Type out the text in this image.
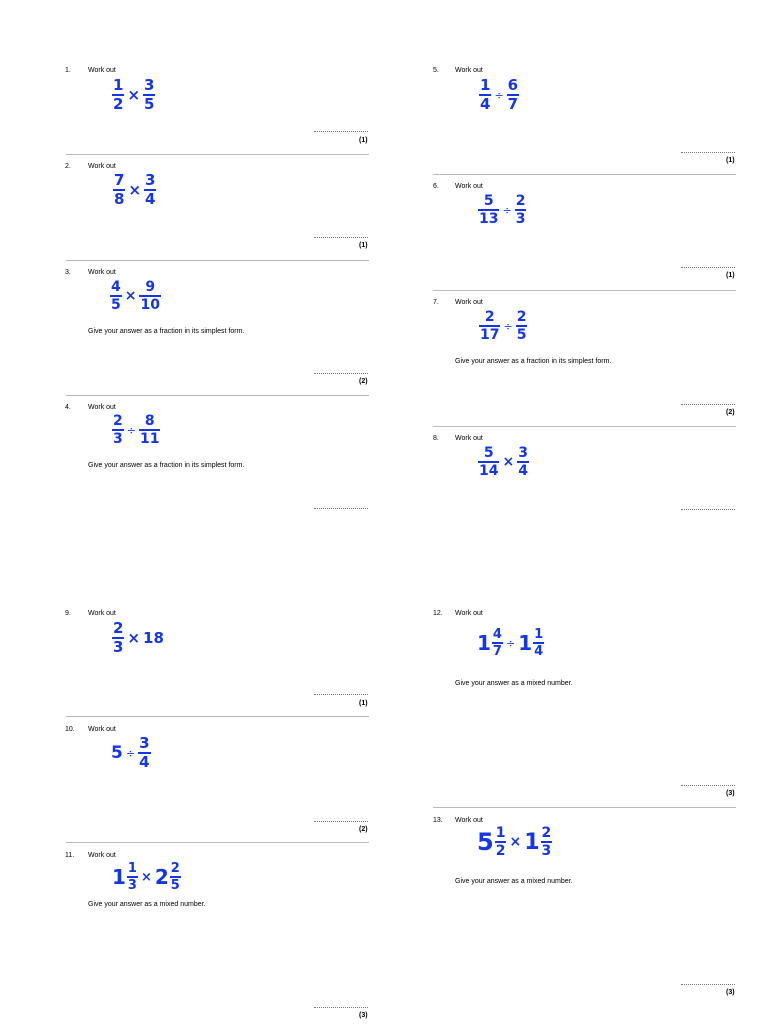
1. Work out
$\frac{1}{2} \times \frac{3}{5}$
(1)
2. Work out
$\frac{7}{8} \times \frac{3}{4}$
(1)
3. Work out
$\frac{4}{5} \times \frac{9}{10}$
Give your answer as a fraction in its simplest form.
(2)
4. Work out
$\frac{2}{3} \div \frac{8}{11}$
Give your answer as a fraction in its simplest form.
9. Work out
$\frac{2}{3} \times 18$
(1)
10. Work out
$5 \div \frac{3}{4}$
(2)
11. Work out
$1 \frac{1}{3} \times 2 \frac{2}{5}$
Give your answer as a mixed number.
(3)
5. Work out
$\frac{1}{4} \div \frac{6}{7}$
(1)
6. Work out
$\frac{5}{13} \div \frac{2}{3}$
(1)
7. Work out
$\frac{2}{17} \div \frac{2}{5}$
Give your answer as a fraction in its simplest form.
(2)
8. Work out
$\frac{5}{14} \times \frac{3}{4}$
12. Work out
$1 \frac{4}{7} \div 1 \frac{1}{4}$
Give your answer as a mixed number.
(3)
13. Work out
$5 \frac{1}{2} \times 1 \frac{2}{3}$
Give your answer as a mixed number.
(3)
